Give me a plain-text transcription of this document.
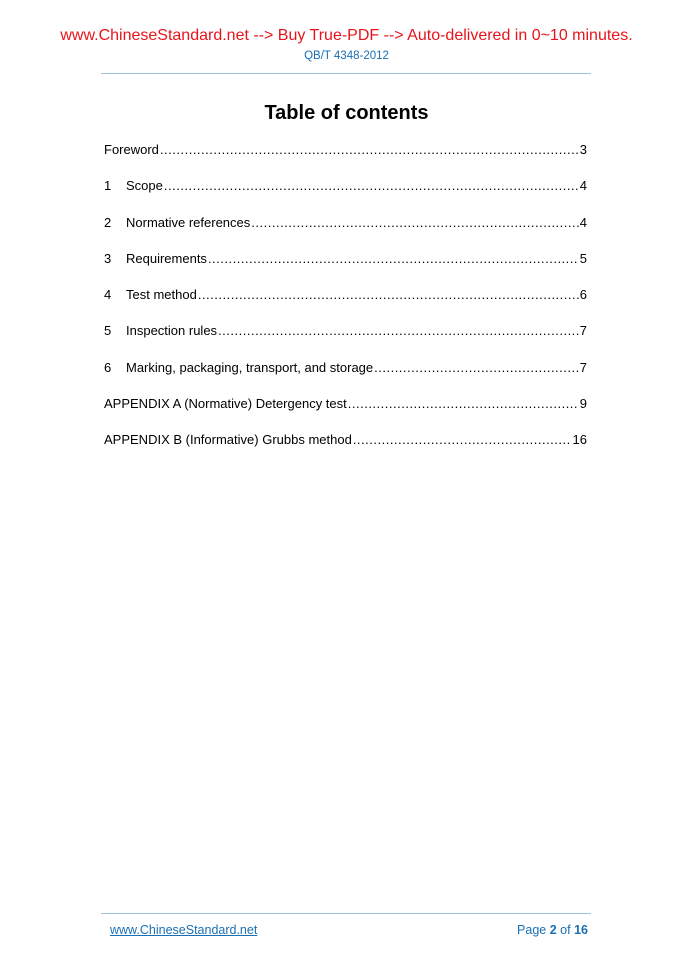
www.ChineseStandard.net --> Buy True-PDF --> Auto-delivered in 0~10 minutes.
QB/T 4348-2012
Table of contents
Foreword .....	3
1	Scope .....	4
2	Normative references .....	4
3	Requirements .....	5
4	Test method .....	6
5	Inspection rules .....	7
6	Marking, packaging, transport, and storage .....	7
APPENDIX A (Normative) Detergency test .....	9
APPENDIX B (Informative) Grubbs method .....	16
www.ChineseStandard.net	Page 2 of 16
